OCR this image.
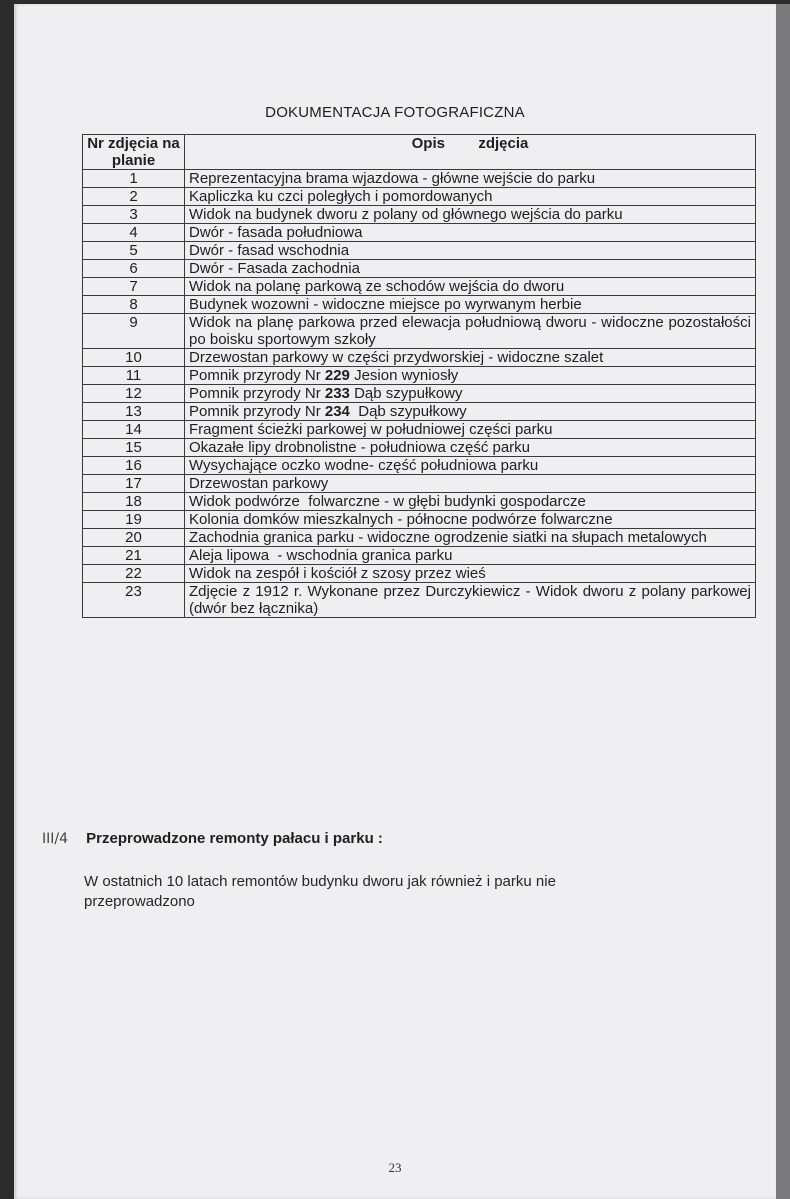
DOKUMENTACJA FOTOGRAFICZNA
Nr zdjęcia na planie	Opis        zdjęcia
1	Reprezentacyjna brama wjazdowa - główne wejście do parku
2	Kapliczka ku czci poległych i pomordowanych
3	Widok na budynek dworu z polany od głównego wejścia do parku
4	Dwór - fasada południowa
5	Dwór - fasad wschodnia
6	Dwór - Fasada zachodnia
7	Widok na polanę parkową ze schodów wejścia do dworu
8	Budynek wozowni - widoczne miejsce po wyrwanym herbie
9	Widok na planę parkowa przed elewacja południową dworu - widoczne pozostałości po boisku sportowym szkoły
10	Drzewostan parkowy w części przydworskiej - widoczne szalet
11	Pomnik przyrody Nr 229 Jesion wyniosły
12	Pomnik przyrody Nr 233 Dąb szypułkowy
13	Pomnik przyrody Nr 234  Dąb szypułkowy
14	Fragment ścieżki parkowej w południowej części parku
15	Okazałe lipy drobnolistne - południowa część parku
16	Wysychające oczko wodne- część południowa parku
17	Drzewostan parkowy
18	Widok podwórze  folwarczne - w głębi budynki gospodarcze
19	Kolonia domków mieszkalnych - północne podwórze folwarczne
20	Zachodnia granica parku - widoczne ogrodzenie siatki na słupach metalowych
21	Aleja lipowa  - wschodnia granica parku
22	Widok na zespół i kościół z szosy przez wieś
23	Zdjęcie z 1912 r. Wykonane przez Durczykiewicz - Widok dworu z polany parkowej (dwór bez łącznika)
III/4 Przeprowadzone remonty pałacu i parku :
W ostatnich 10 latach remontów budynku dworu jak również i parku nie przeprowadzono
23
